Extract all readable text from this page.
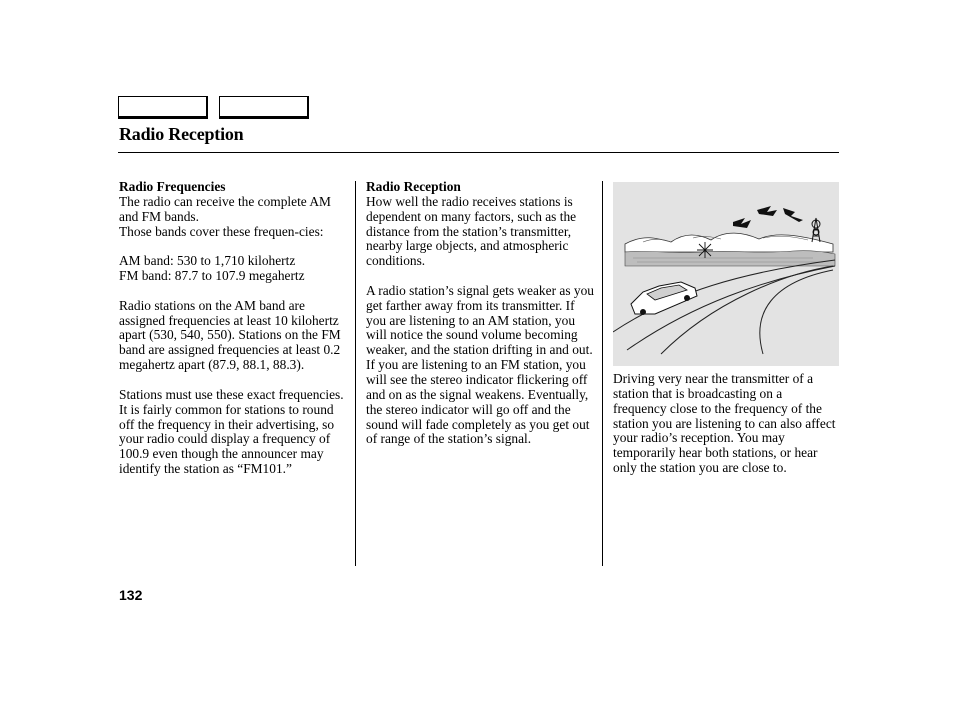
Radio Reception
Radio Frequencies
The radio can receive the complete AM and FM bands.

Those bands cover these frequen-cies:

AM band: 530 to 1,710 kilohertz

FM band: 87.7 to 107.9 megahertz

Radio stations on the AM band are assigned frequencies at least 10 kilohertz apart (530, 540, 550). Stations on the FM band are assigned frequencies at least 0.2 megahertz apart (87.9, 88.1, 88.3).

Stations must use these exact frequencies. It is fairly common for stations to round off the frequency in their advertising, so your radio could display a frequency of 100.9 even though the announcer may identify the station as “FM101.”

Radio Reception

How well the radio receives stations is dependent on many factors, such as the distance from the station’s transmitter, nearby large objects, and atmospheric conditions.

A radio station’s signal gets weaker as you get farther away from its transmitter. If you are listening to an AM station, you will notice the sound volume becoming weaker, and the station drifting in and out. If you are listening to an FM station, you will see the stereo indicator flickering off and on as the signal weakens. Eventually, the stereo indicator will go off and the sound will fade completely as you get out of range of the station’s signal.

Driving very near the transmitter of a station that is broadcasting on a frequency close to the frequency of the station you are listening to can also affect your radio’s reception. You may temporarily hear both stations, or hear only the station you are close to.

132
